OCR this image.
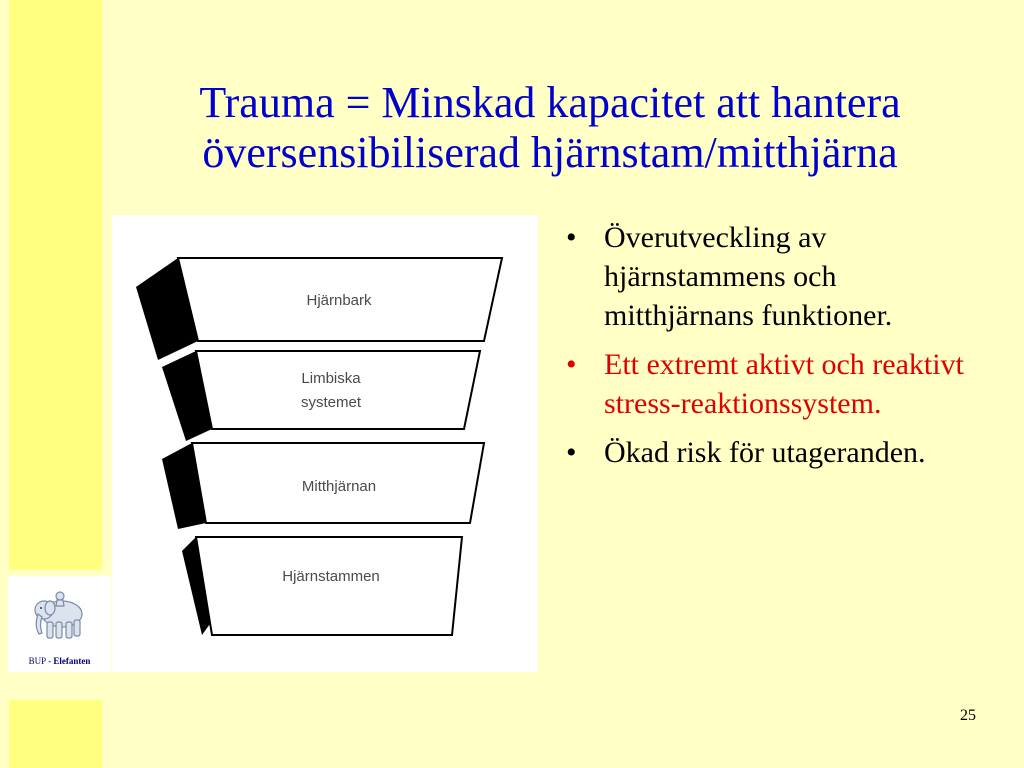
BUP - Elefanten
Trauma = Minskad kapacitet att hantera
översensibiliserad hjärnstam/mitthjärna
Hjärnbark
Limbiska
systemet
Mitthjärnan
Hjärnstammen
• Överutveckling av hjärnstammens och mitthjärnans funktioner.
• Ett extremt aktivt och reaktivt stress-reaktionssystem.
• Ökad risk för utageranden.
25
